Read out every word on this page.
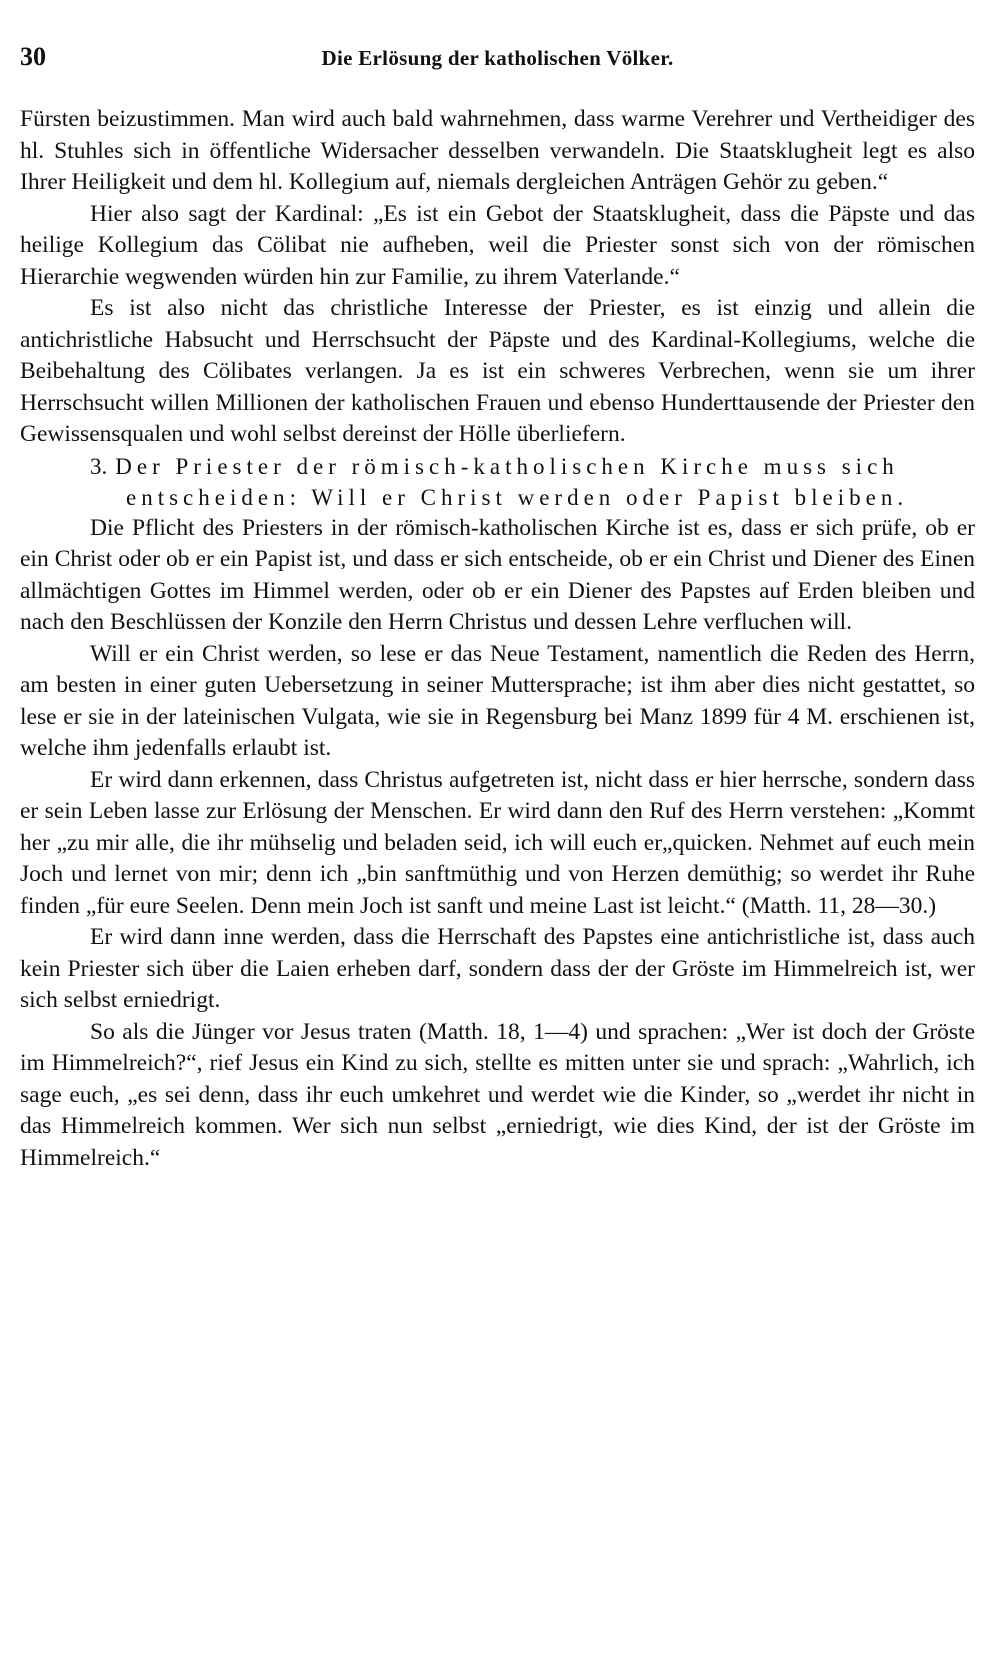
30	Die Erlösung der katholischen Völker.

Fürsten beizustimmen. Man wird auch bald wahrnehmen, dass warme Verehrer und Vertheidiger des hl. Stuhles sich in öffentliche Widersacher desselben verwandeln. Die Staatsklugheit legt es also Ihrer Heiligkeit und dem hl. Kollegium auf, niemals dergleichen Anträgen Gehör zu geben.“

Hier also sagt der Kardinal: „Es ist ein Gebot der Staatsklugheit, dass die Päpste und das heilige Kollegium das Cölibat nie aufheben, weil die Priester sonst sich von der römischen Hierarchie wegwenden würden hin zur Familie, zu ihrem Vaterlande.“

Es ist also nicht das christliche Interesse der Priester, es ist einzig und allein die antichristliche Habsucht und Herrschsucht der Päpste und des Kardinal-Kollegiums, welche die Beibehaltung des Cölibates verlangen. Ja es ist ein schweres Verbrechen, wenn sie um ihrer Herrschsucht willen Millionen der katholischen Frauen und ebenso Hunderttausende der Priester den Gewissensqualen und wohl selbst dereinst der Hölle überliefern.

3. Der Priester der römisch-katholischen Kirche muss sich entscheiden: Will er Christ werden oder Papist bleiben.

Die Pflicht des Priesters in der römisch-katholischen Kirche ist es, dass er sich prüfe, ob er ein Christ oder ob er ein Papist ist, und dass er sich entscheide, ob er ein Christ und Diener des Einen allmächtigen Gottes im Himmel werden, oder ob er ein Diener des Papstes auf Erden bleiben und nach den Beschlüssen der Konzile den Herrn Christus und dessen Lehre verfluchen will.

Will er ein Christ werden, so lese er das Neue Testament, namentlich die Reden des Herrn, am besten in einer guten Uebersetzung in seiner Muttersprache; ist ihm aber dies nicht gestattet, so lese er sie in der lateinischen Vulgata, wie sie in Regensburg bei Manz 1899 für 4 M. erschienen ist, welche ihm jedenfalls erlaubt ist.

Er wird dann erkennen, dass Christus aufgetreten ist, nicht dass er hier herrsche, sondern dass er sein Leben lasse zur Erlösung der Menschen. Er wird dann den Ruf des Herrn verstehen: „Kommt her „zu mir alle, die ihr mühselig und beladen seid, ich will euch er„quicken. Nehmet auf euch mein Joch und lernet von mir; denn ich „bin sanftmüthig und von Herzen demüthig; so werdet ihr Ruhe finden „für eure Seelen. Denn mein Joch ist sanft und meine Last ist leicht.“ (Matth. 11, 28—30.)

Er wird dann inne werden, dass die Herrschaft des Papstes eine antichristliche ist, dass auch kein Priester sich über die Laien erheben darf, sondern dass der der Gröste im Himmelreich ist, wer sich selbst erniedrigt.

So als die Jünger vor Jesus traten (Matth. 18, 1—4) und sprachen: „Wer ist doch der Gröste im Himmelreich?“, rief Jesus ein Kind zu sich, stellte es mitten unter sie und sprach: „Wahrlich, ich sage euch, „es sei denn, dass ihr euch umkehret und werdet wie die Kinder, so „werdet ihr nicht in das Himmelreich kommen. Wer sich nun selbst „erniedrigt, wie dies Kind, der ist der Gröste im Himmelreich.“
